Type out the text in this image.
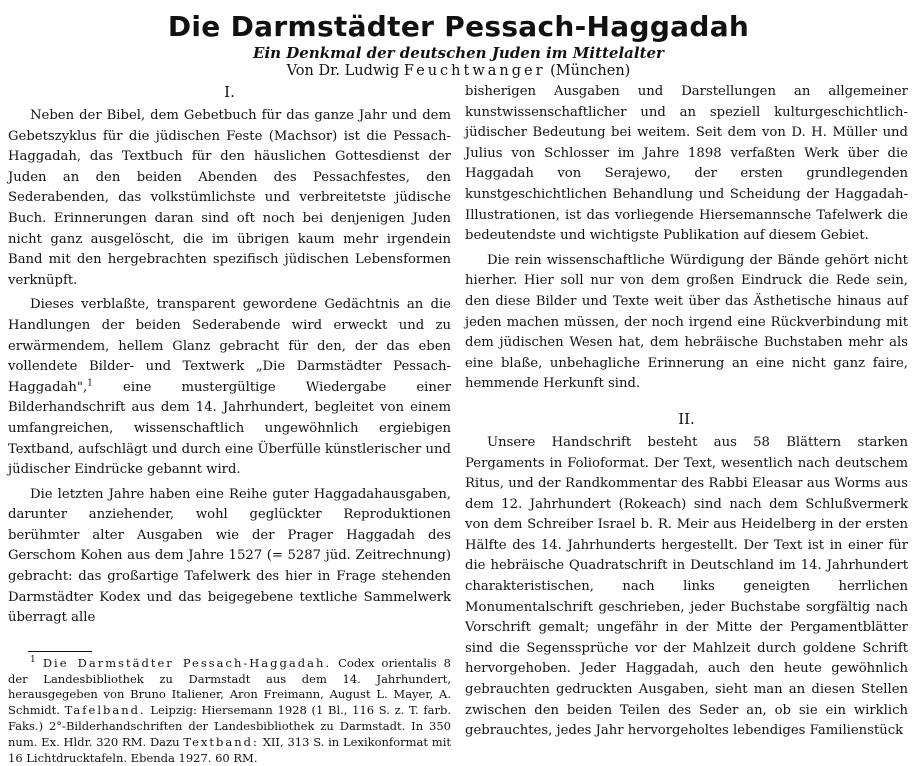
Die Darmstädter Pessach-Haggadah

Ein Denkmal der deutschen Juden im Mittelalter

Von Dr. Ludwig Feuchtwanger (München)

I.

Neben der Bibel, dem Gebetbuch für das ganze Jahr und dem Gebetszyklus für die jüdischen Feste (Machsor) ist die Pessach-Haggadah, das Textbuch für den häuslichen Gottesdienst der Juden an den beiden Abenden des Pessachfestes, den Sederabenden, das volkstümlichste und verbreitetste jüdische Buch. Erinnerungen daran sind oft noch bei denjenigen Juden nicht ganz ausgelöscht, die im übrigen kaum mehr irgendein Band mit den hergebrachten spezifisch jüdischen Lebensformen verknüpft.

Dieses verblaßte, transparent gewordene Gedächtnis an die Handlungen der beiden Sederabende wird erweckt und zu erwärmendem, hellem Glanz gebracht für den, der das eben vollendete Bilder- und Textwerk „Die Darmstädter Pessach-Haggadah",$^1$ eine mustergültige Wiedergabe einer Bilderhandschrift aus dem 14. Jahrhundert, begleitet von einem umfangreichen, wissenschaftlich ungewöhnlich ergiebigen Textband, aufschlägt und durch eine Überfülle künstlerischer und jüdischer Eindrücke gebannt wird.

Die letzten Jahre haben eine Reihe guter Haggadahausgaben, darunter anziehender, wohl geglückter Reproduktionen berühmter alter Ausgaben wie der Prager Haggadah des Gerschom Kohen aus dem Jahre 1527 (= 5287 jüd. Zeitrechnung) gebracht: das großartige Tafelwerk des hier in Frage stehenden Darmstädter Kodex und das beigegebene textliche Sammelwerk überragt alle

$^1$ Die Darmstädter Pessach-Haggadah. Codex orientalis 8 der Landesbibliothek zu Darmstadt aus dem 14. Jahrhundert, herausgegeben von Bruno Italiener, Aron Freimann, August L. Mayer, A. Schmidt. Tafelband. Leipzig: Hiersemann 1928 (1 Bl., 116 S. z. T. farb. Faks.) 2°-Bilderhandschriften der Landesbibliothek zu Darmstadt. In 350 num. Ex. Hldr. 320 RM. Dazu Textband: XII, 313 S. in Lexikonformat mit 16 Lichtdrucktafeln. Ebenda 1927. 60 RM.

bisherigen Ausgaben und Darstellungen an allgemeiner kunstwissenschaftlicher und an speziell kulturgeschichtlich-jüdischer Bedeutung bei weitem. Seit dem von D. H. Müller und Julius von Schlosser im Jahre 1898 verfaßten Werk über die Haggadah von Serajewo, der ersten grundlegenden kunstgeschichtlichen Behandlung und Scheidung der Haggadah-Illustrationen, ist das vorliegende Hiersemannsche Tafelwerk die bedeutendste und wichtigste Publikation auf diesem Gebiet.

Die rein wissenschaftliche Würdigung der Bände gehört nicht hierher. Hier soll nur von dem großen Eindruck die Rede sein, den diese Bilder und Texte weit über das Ästhetische hinaus auf jeden machen müssen, der noch irgend eine Rückverbindung mit dem jüdischen Wesen hat, dem hebräische Buchstaben mehr als eine blaße, unbehagliche Erinnerung an eine nicht ganz faire, hemmende Herkunft sind.

II.

Unsere Handschrift besteht aus 58 Blättern starken Pergaments in Folioformat. Der Text, wesentlich nach deutschem Ritus, und der Randkommentar des Rabbi Eleasar aus Worms aus dem 12. Jahrhundert (Rokeach) sind nach dem Schlußvermerk von dem Schreiber Israel b. R. Meir aus Heidelberg in der ersten Hälfte des 14. Jahrhunderts hergestellt. Der Text ist in einer für die hebräische Quadratschrift in Deutschland im 14. Jahrhundert charakteristischen, nach links geneigten herrlichen Monumentalschrift geschrieben, jeder Buchstabe sorgfältig nach Vorschrift gemalt; ungefähr in der Mitte der Pergamentblätter sind die Segenssprüche vor der Mahlzeit durch goldene Schrift hervorgehoben. Jeder Haggadah, auch den heute gewöhnlich gebrauchten gedruckten Ausgaben, sieht man an diesen Stellen zwischen den beiden Teilen des Seder an, ob sie ein wirklich gebrauchtes, jedes Jahr hervorgeholtes lebendiges Familienstück
